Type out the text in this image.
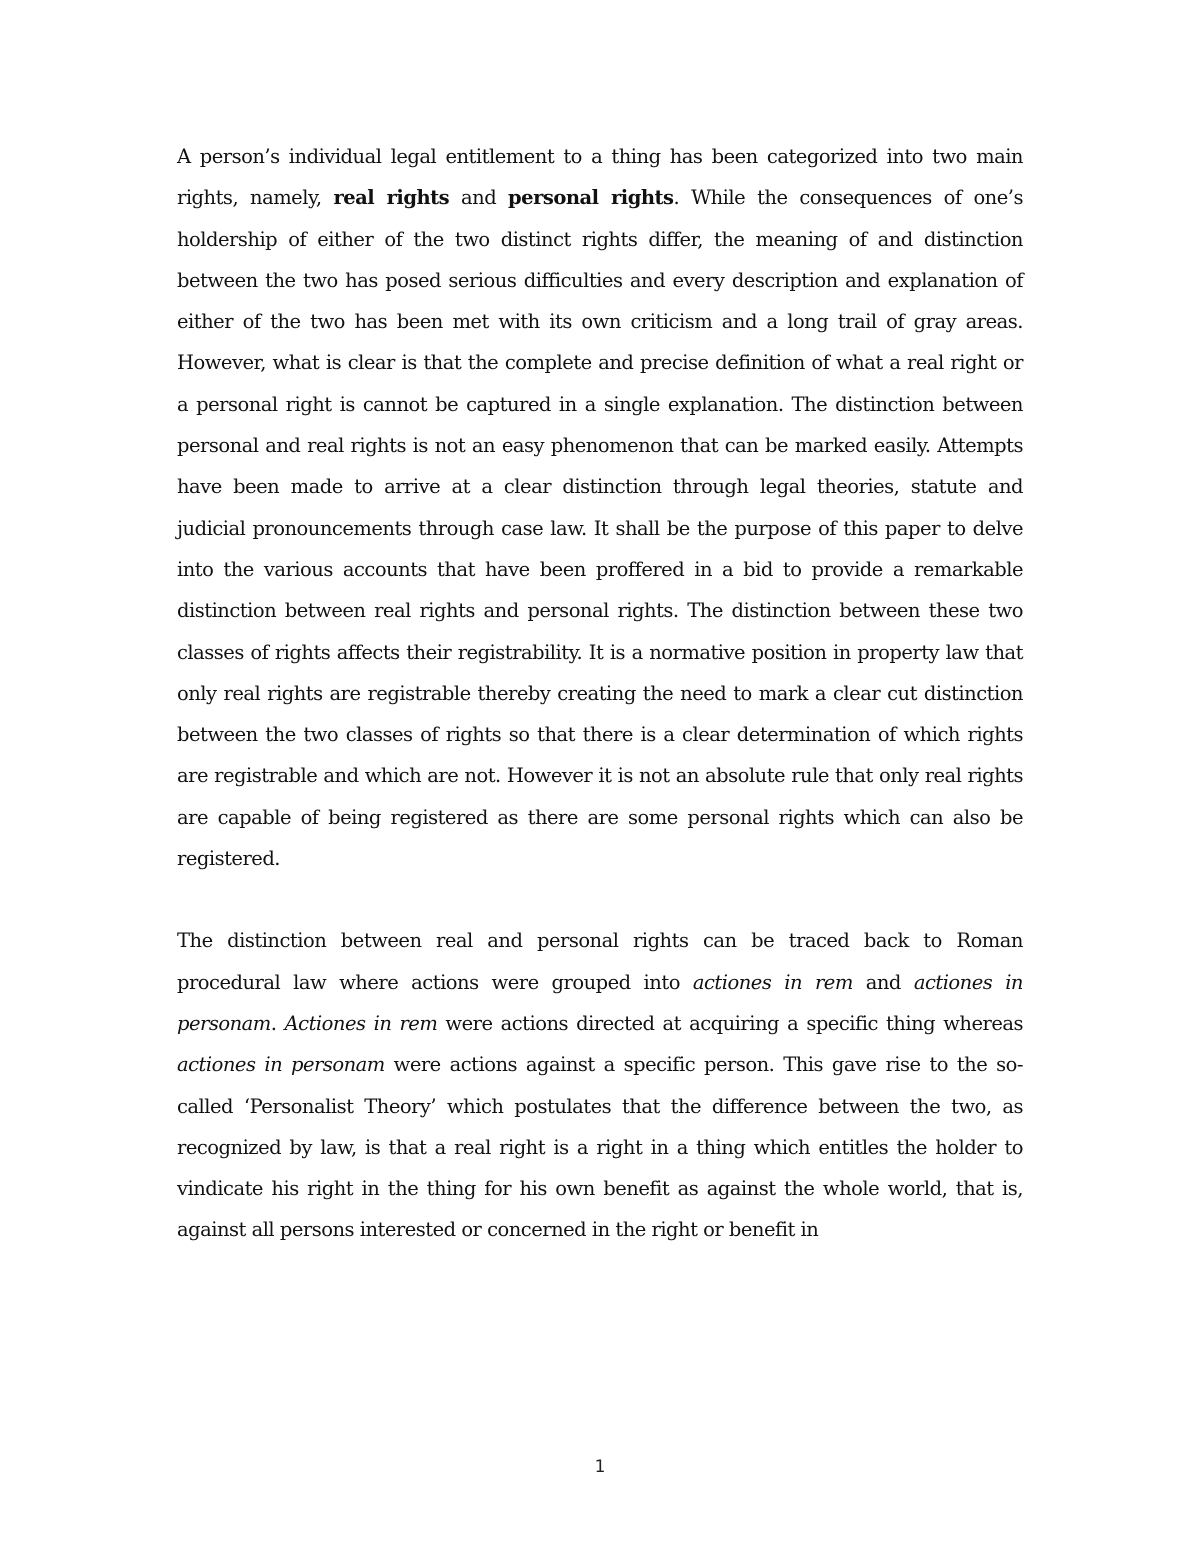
A person’s individual legal entitlement to a thing has been categorized into two main rights, namely, real rights and personal rights. While the consequences of one’s holdership of either of the two distinct rights differ, the meaning of and distinction between the two has posed serious difficulties and every description and explanation of either of the two has been met with its own criticism and a long trail of gray areas. However, what is clear is that the complete and precise definition of what a real right or a personal right is cannot be captured in a single explanation. The distinction between personal and real rights is not an easy phenomenon that can be marked easily. Attempts have been made to arrive at a clear distinction through legal theories, statute and judicial pronouncements through case law. It shall be the purpose of this paper to delve into the various accounts that have been proffered in a bid to provide a remarkable distinction between real rights and personal rights. The distinction between these two classes of rights affects their registrability. It is a normative position in property law that only real rights are registrable thereby creating the need to mark a clear cut distinction between the two classes of rights so that there is a clear determination of which rights are registrable and which are not. However it is not an absolute rule that only real rights are capable of being registered as there are some personal rights which can also be registered.

The distinction between real and personal rights can be traced back to Roman procedural law where actions were grouped into actiones in rem and actiones in personam. Actiones in rem were actions directed at acquiring a specific thing whereas actiones in personam were actions against a specific person. This gave rise to the so-called ‘Personalist Theory’ which postulates that the difference between the two, as recognized by law, is that a real right is a right in a thing which entitles the holder to vindicate his right in the thing for his own benefit as against the whole world, that is, against all persons interested or concerned in the right or benefit in

1
